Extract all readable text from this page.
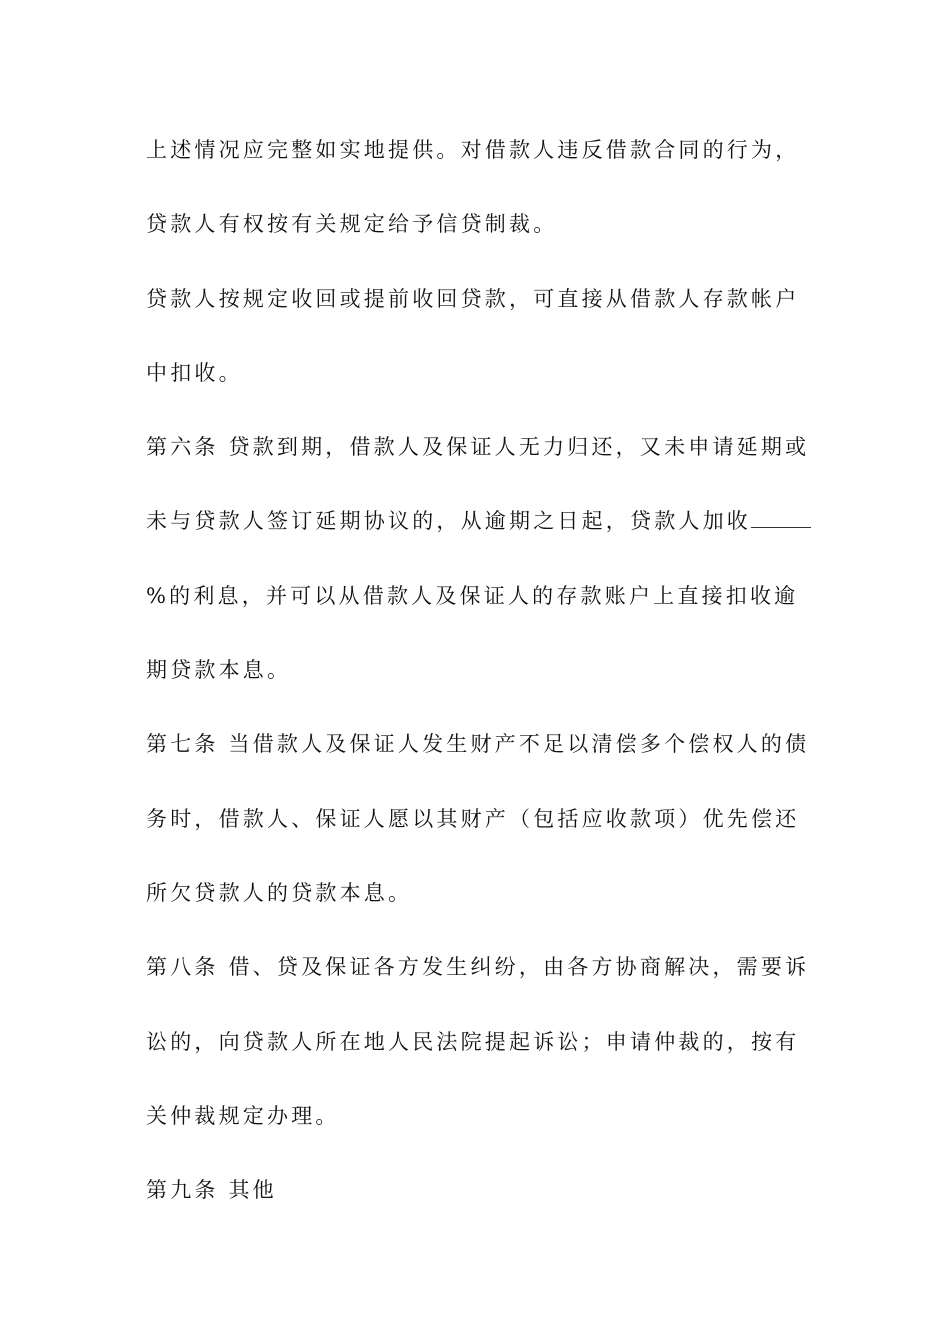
上述情况应完整如实地提供。对借款人违反借款合同的行为，
贷款人有权按有关规定给予信贷制裁。
贷款人按规定收回或提前收回贷款，可直接从借款人存款帐户
中扣收。
第六条 贷款到期，借款人及保证人无力归还，又未申请延期或
未与贷款人签订延期协议的，从逾期之日起，贷款人加收
%的利息，并可以从借款人及保证人的存款账户上直接扣收逾
期贷款本息。
第七条 当借款人及保证人发生财产不足以清偿多个偿权人的债
务时，借款人、保证人愿以其财产（包括应收款项）优先偿还
所欠贷款人的贷款本息。
第八条 借、贷及保证各方发生纠纷，由各方协商解决，需要诉
讼的，向贷款人所在地人民法院提起诉讼；申请仲裁的，按有
关仲裁规定办理。
第九条 其他
